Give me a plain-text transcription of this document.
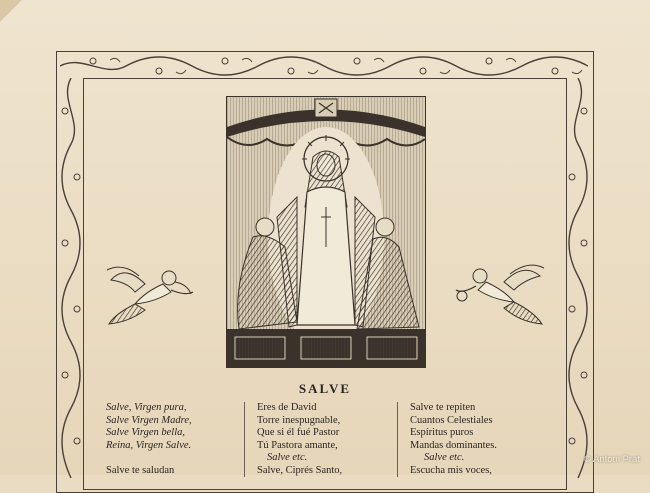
SALVE
Salve, Virgen pura,
Salve Virgen Madre,
Salve Virgen bella,
Reina, Virgen Salve.

Salve te saludan
Eres de David
Torre inespugnable,
Que si él fué Pastor
Tú Pastora amante,
Salve etc.
Salve, Ciprés Santo,
Salve te repiten
Cuantos Celestiales
Espíritus puros
Mandas dominantes.
Salve etc.
Escucha mis voces,
© Antoni Prat
